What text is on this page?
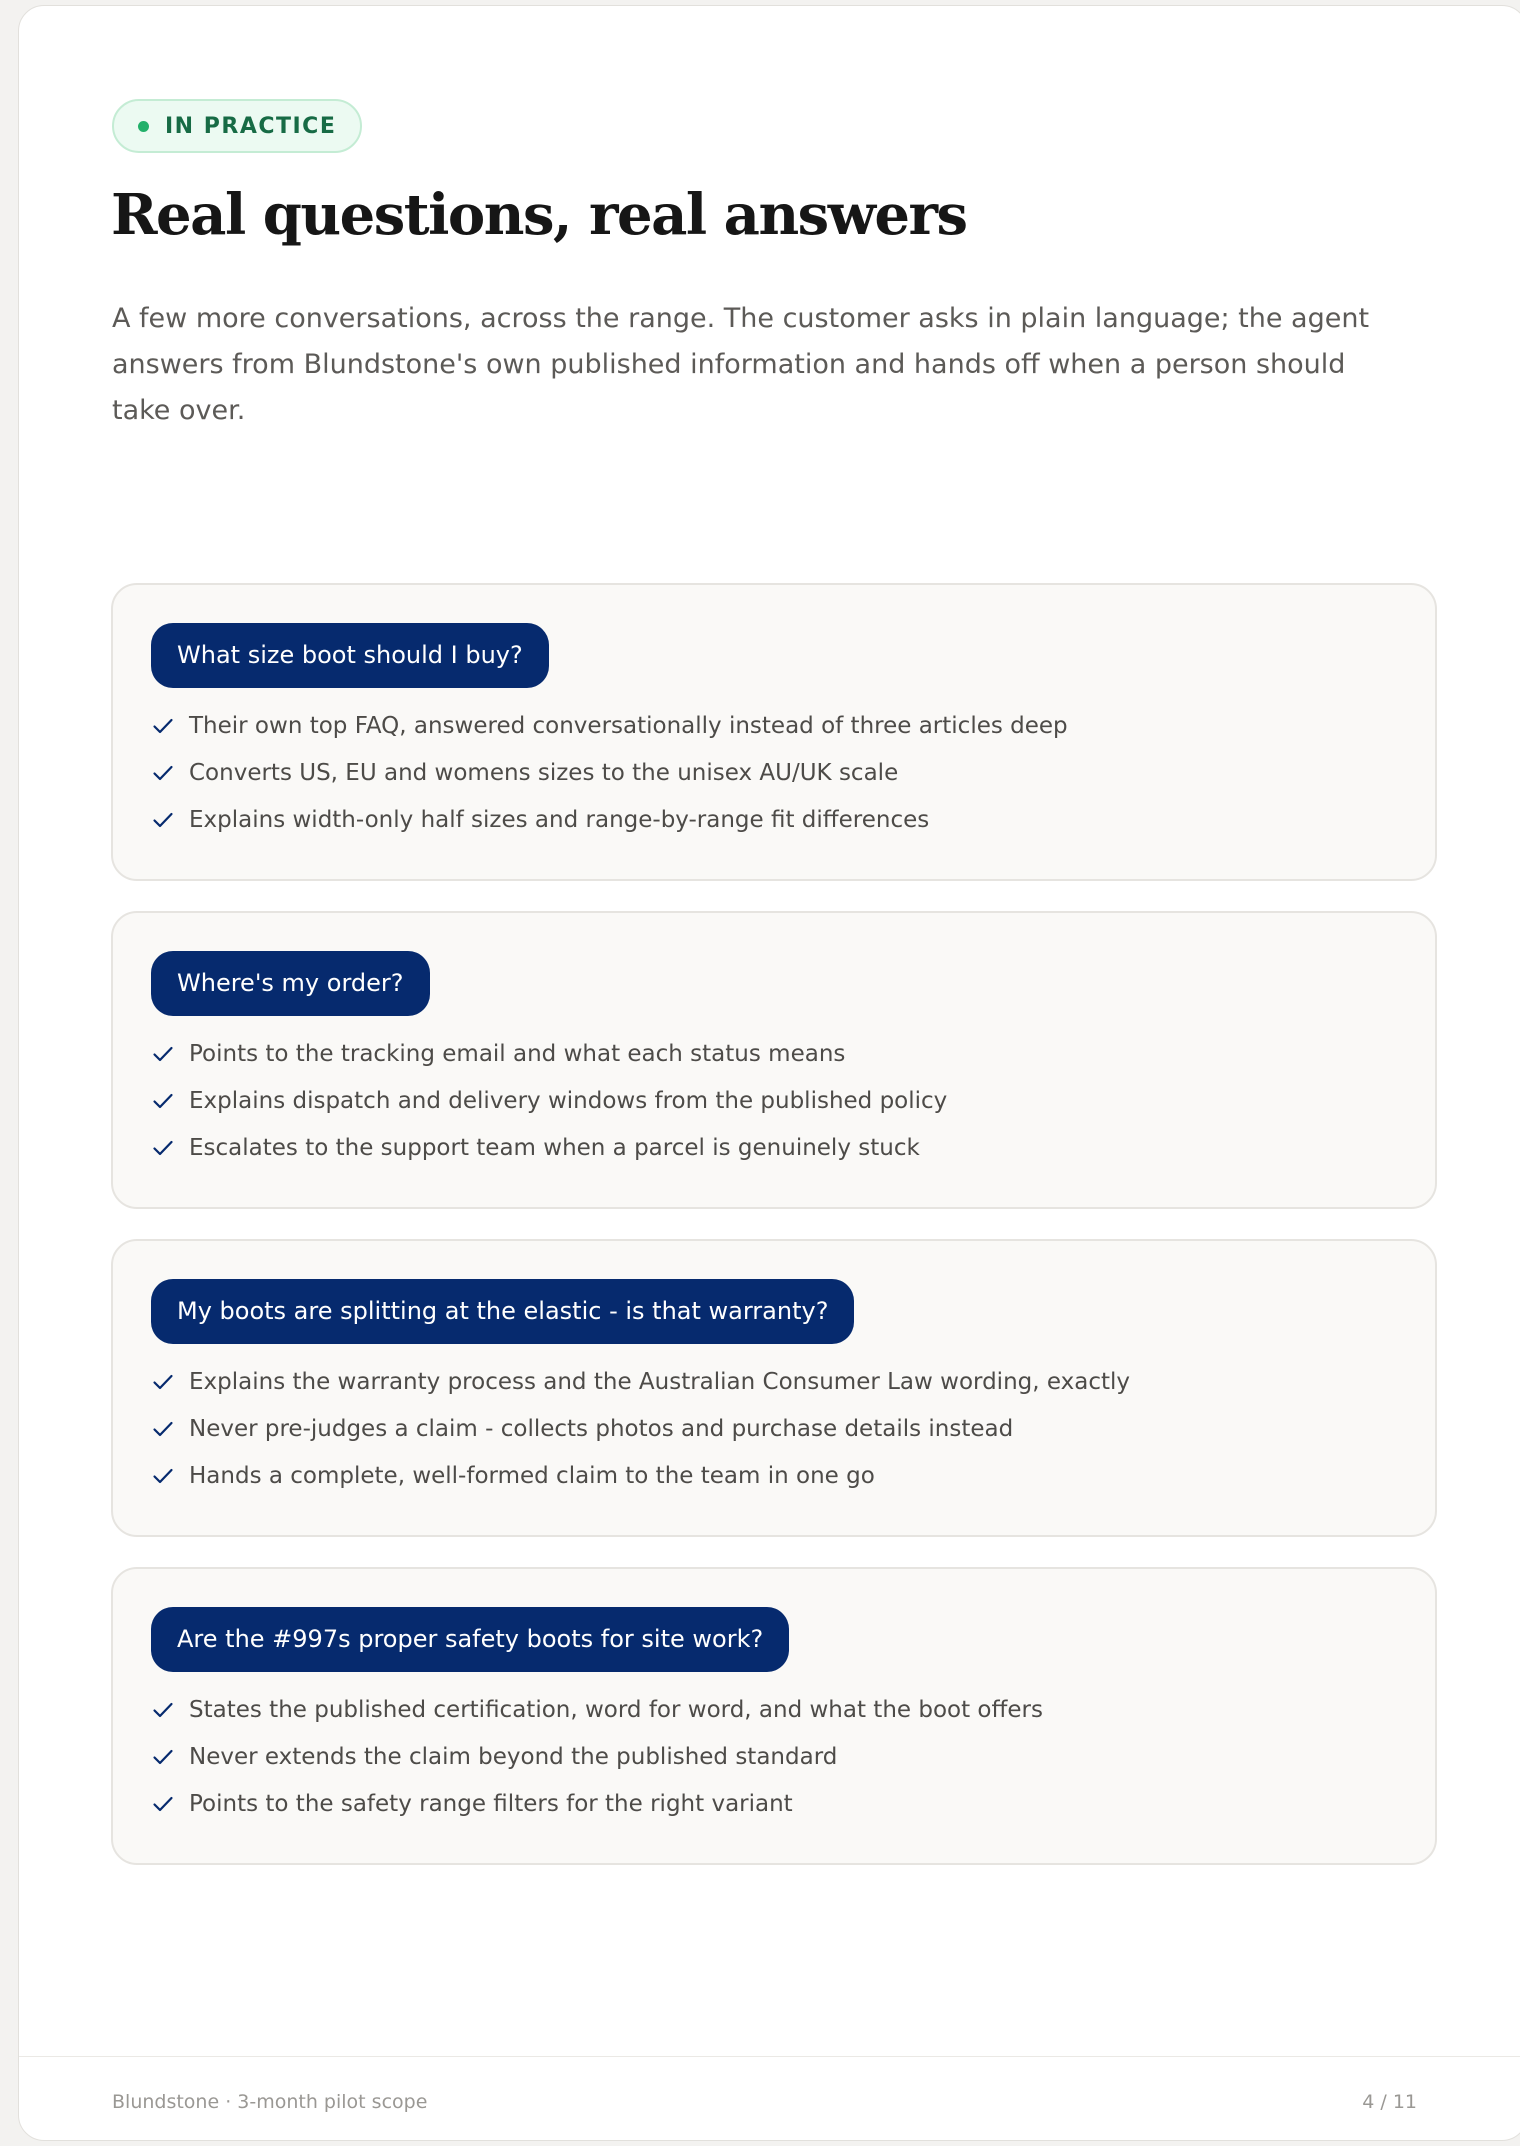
IN PRACTICE
Real questions, real answers

A few more conversations, across the range. The customer asks in plain language; the agent answers from Blundstone's own published information and hands off when a person should take over.

What size boot should I buy?
Their own top FAQ, answered conversationally instead of three articles deep
Converts US, EU and womens sizes to the unisex AU/UK scale
Explains width-only half sizes and range-by-range fit differences
Where's my order?
Points to the tracking email and what each status means
Explains dispatch and delivery windows from the published policy
Escalates to the support team when a parcel is genuinely stuck
My boots are splitting at the elastic - is that warranty?
Explains the warranty process and the Australian Consumer Law wording, exactly
Never pre-judges a claim - collects photos and purchase details instead
Hands a complete, well-formed claim to the team in one go
Are the #997s proper safety boots for site work?
States the published certification, word for word, and what the boot offers
Never extends the claim beyond the published standard
Points to the safety range filters for the right variant
Blundstone · 3-month pilot scope	4 / 11
